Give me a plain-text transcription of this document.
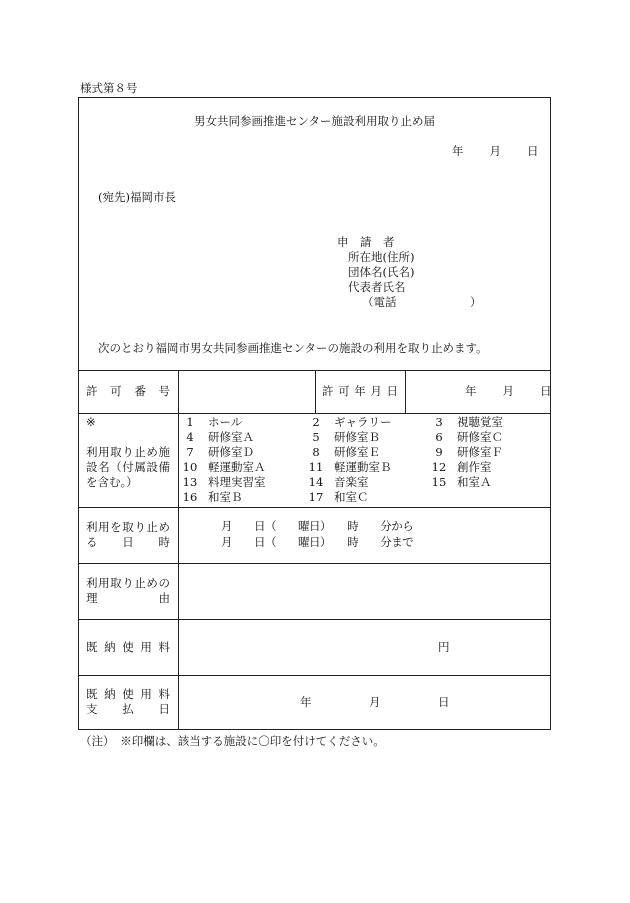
様式第８号
男女共同参画推進センター施設利用取り止め届
年　　月　　日
(宛先)福岡市長
申　請　者
所在地(住所)
団体名(氏名)
代表者氏名
（電話	）
次のとおり福岡市男女共同参画推進センターの施設の利用を取り止めます。
許　可　番　号	許 可 年 月 日	年　　月　　日
※
利用取り止め施設名（付属設備を含む。）
1	ホール	2	ギャラリー	3	視聴覚室
4	研修室Ａ	5	研修室Ｂ	6	研修室Ｃ
7	研修室Ｄ	8	研修室Ｅ	9	研修室Ｆ
10 軽運動室Ａ	11 軽運動室Ｂ	12 創作室
13 料理実習室	14 音楽室	15 和室Ａ
16 和室Ｂ	17 和室Ｃ
利用を取り止め
る　　日　　時
月　　日（　　曜日）　　時　　分から
月　　日（　　曜日）　　時　　分まで
利用取り止めの
理　　　　　由
既 納 使 用 料	円
既 納 使 用 料
支　　払　　日	年　　　　　月　　　　　日
（注）　※印欄は、該当する施設に〇印を付けてください。
